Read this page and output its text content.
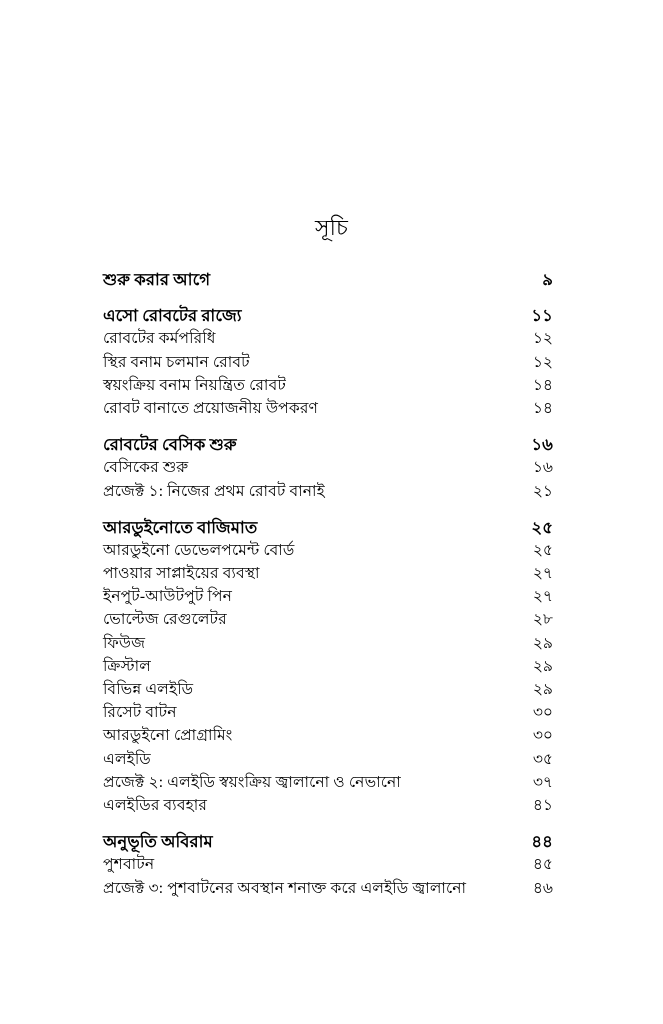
সূচি
শুরু করার আগে	৯
এসো রোবটের রাজ্যে	১১
রোবটের কর্মপরিধি	১২
স্থির বনাম চলমান রোবট	১২
স্বয়ংক্রিয় বনাম নিয়ন্ত্রিত রোবট	১৪
রোবট বানাতে প্রয়োজনীয় উপকরণ	১৪
রোবটের বেসিক শুরু	১৬
বেসিকের শুরু	১৬
প্রজেক্ট ১: নিজের প্রথম রোবট বানাই	২১
আরডুইনোতে বাজিমাত	২৫
আরডুইনো ডেভেলপমেন্ট বোর্ড	২৫
পাওয়ার সাপ্লাইয়ের ব্যবস্থা	২৭
ইনপুট-আউটপুট পিন	২৭
ভোল্টেজ রেগুলেটর	২৮
ফিউজ	২৯
ক্রিস্টাল	২৯
বিভিন্ন এলইডি	২৯
রিসেট বাটন	৩০
আরডুইনো প্রোগ্রামিং	৩০
এলইডি	৩৫
প্রজেক্ট ২: এলইডি স্বয়ংক্রিয় জ্বালানো ও নেভানো	৩৭
এলইডির ব্যবহার	৪১
অনুভূতি অবিরাম	৪৪
পুশবাটন	৪৫
প্রজেক্ট ৩: পুশবাটনের অবস্থান শনাক্ত করে এলইডি জ্বালানো	৪৬
